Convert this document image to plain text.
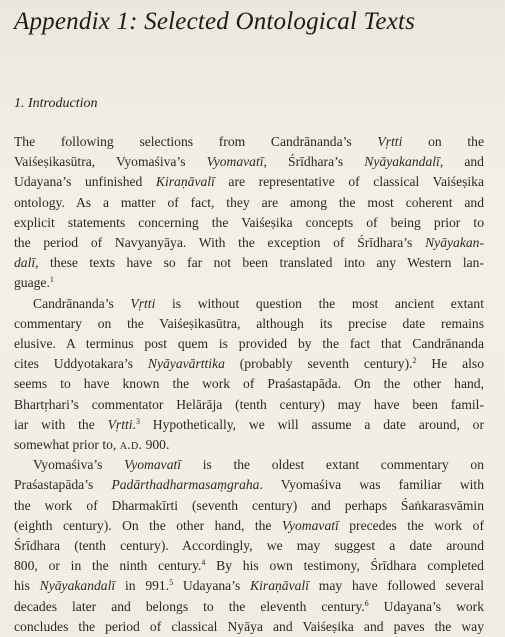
Appendix 1: Selected Ontological Texts
1. Introduction

The following selections from Candrānanda’s Vṛtti on the
Vaiśeṣikasūtra, Vyomaśiva’s Vyomavatī, Śrīdhara’s Nyāyakandalī, and
Udayana’s unfinished Kiraṇāvalī are representative of classical Vaiśeṣika
ontology. As a matter of fact, they are among the most coherent and
explicit statements concerning the Vaiśeṣika concepts of being prior to
the period of Navyanyāya. With the exception of Śrīdhara’s Nyāyakan-
dalī, these texts have so far not been translated into any Western lan-
guage.$^1$

Candrānanda’s Vṛtti is without question the most ancient extant
commentary on the Vaiśeṣikasūtra, although its precise date remains
elusive. A terminus post quem is provided by the fact that Candrānanda
cites Uddyotakara’s Nyāyavārttika (probably seventh century).$^2$ He also
seems to have known the work of Praśastapāda. On the other hand,
Bhartṛhari’s commentator Helārāja (tenth century) may have been famil-
iar with the Vṛtti.$^3$ Hypothetically, we will assume a date around, or
somewhat prior to, a.d. 900.

Vyomaśiva’s Vyomavatī is the oldest extant commentary on
Praśastapāda’s Padārthadharmasaṃgraha. Vyomaśiva was familiar with
the work of Dharmakīrti (seventh century) and perhaps Śaṅkarasvāmin
(eighth century). On the other hand, the Vyomavatī precedes the work of
Śrīdhara (tenth century). Accordingly, we may suggest a date around
800, or in the ninth century.$^4$ By his own testimony, Śrīdhara completed
his Nyāyakandalī in 991.$^5$ Udayana’s Kiraṇāvalī may have followed several
decades later and belongs to the eleventh century.$^6$ Udayana’s work
concludes the period of classical Nyāya and Vaiśeṣika and paves the way
